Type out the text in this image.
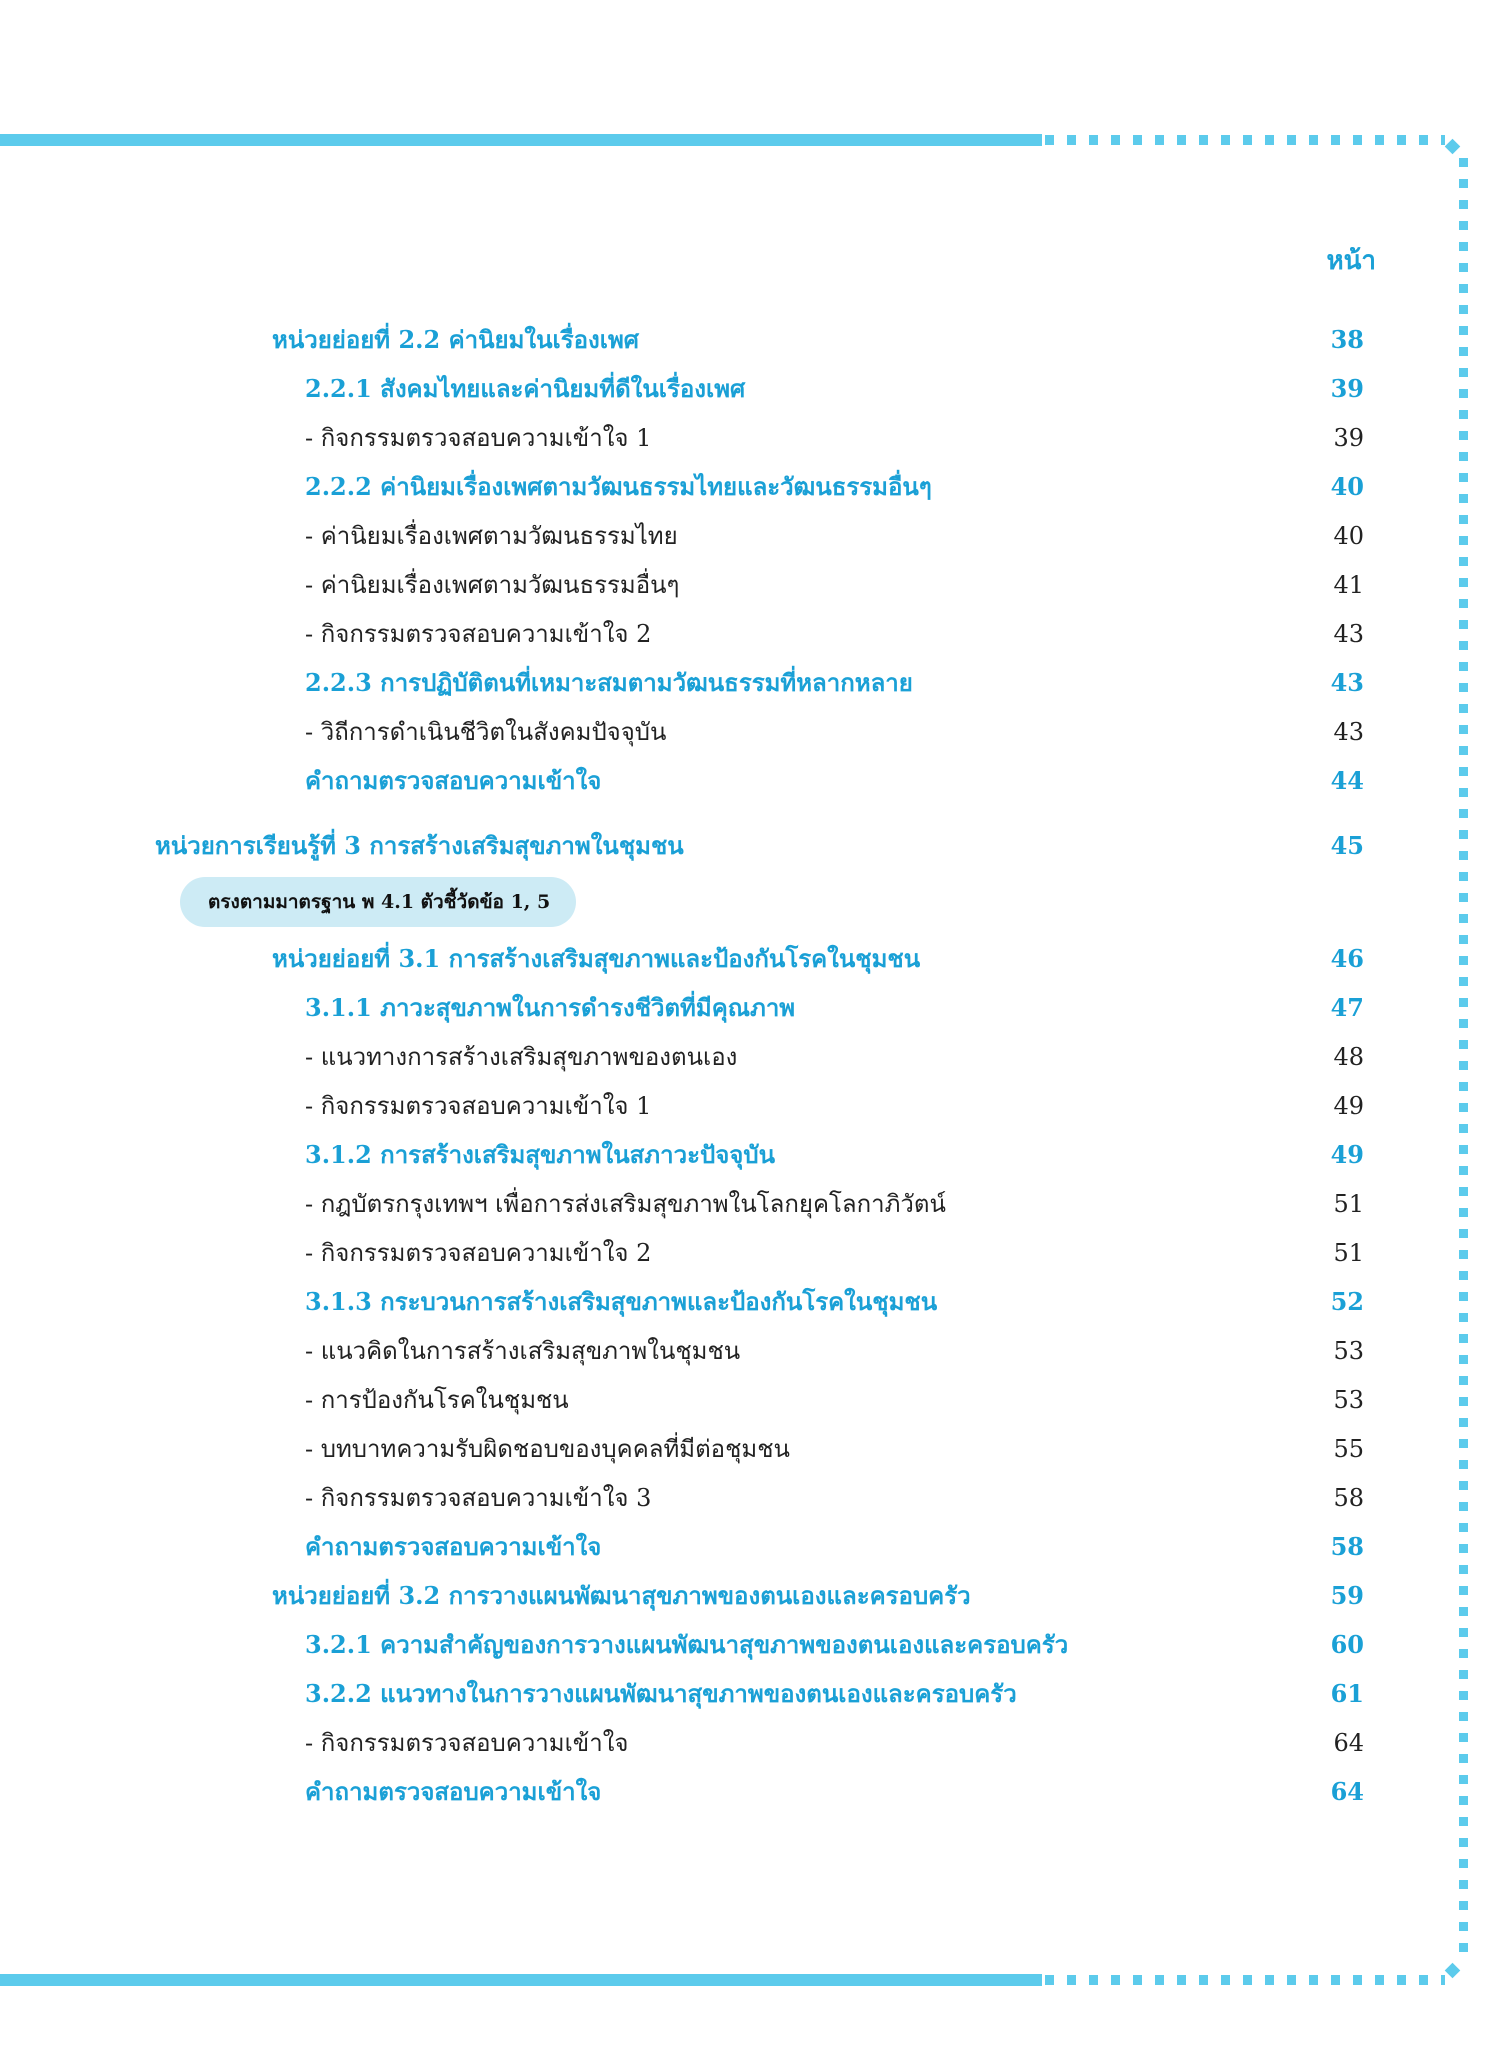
หน้า
หน่วยย่อยที่ 2.2 ค่านิยมในเรื่องเพศ	38
2.2.1 สังคมไทยและค่านิยมที่ดีในเรื่องเพศ	39
- กิจกรรมตรวจสอบความเข้าใจ 1	39
2.2.2 ค่านิยมเรื่องเพศตามวัฒนธรรมไทยและวัฒนธรรมอื่นๆ	40
- ค่านิยมเรื่องเพศตามวัฒนธรรมไทย	40
- ค่านิยมเรื่องเพศตามวัฒนธรรมอื่นๆ	41
- กิจกรรมตรวจสอบความเข้าใจ 2	43
2.2.3 การปฏิบัติตนที่เหมาะสมตามวัฒนธรรมที่หลากหลาย	43
- วิถีการดำเนินชีวิตในสังคมปัจจุบัน	43
คำถามตรวจสอบความเข้าใจ	44
หน่วยการเรียนรู้ที่ 3 การสร้างเสริมสุขภาพในชุมชน	45
ตรงตามมาตรฐาน พ 4.1 ตัวชี้วัดข้อ 1, 5
หน่วยย่อยที่ 3.1 การสร้างเสริมสุขภาพและป้องกันโรคในชุมชน	46
3.1.1 ภาวะสุขภาพในการดำรงชีวิตที่มีคุณภาพ	47
- แนวทางการสร้างเสริมสุขภาพของตนเอง	48
- กิจกรรมตรวจสอบความเข้าใจ 1	49
3.1.2 การสร้างเสริมสุขภาพในสภาวะปัจจุบัน	49
- กฎบัตรกรุงเทพฯ เพื่อการส่งเสริมสุขภาพในโลกยุคโลกาภิวัตน์	51
- กิจกรรมตรวจสอบความเข้าใจ 2	51
3.1.3 กระบวนการสร้างเสริมสุขภาพและป้องกันโรคในชุมชน	52
- แนวคิดในการสร้างเสริมสุขภาพในชุมชน	53
- การป้องกันโรคในชุมชน	53
- บทบาทความรับผิดชอบของบุคคลที่มีต่อชุมชน	55
- กิจกรรมตรวจสอบความเข้าใจ 3	58
คำถามตรวจสอบความเข้าใจ	58
หน่วยย่อยที่ 3.2 การวางแผนพัฒนาสุขภาพของตนเองและครอบครัว	59
3.2.1 ความสำคัญของการวางแผนพัฒนาสุขภาพของตนเองและครอบครัว	60
3.2.2 แนวทางในการวางแผนพัฒนาสุขภาพของตนเองและครอบครัว	61
- กิจกรรมตรวจสอบความเข้าใจ	64
คำถามตรวจสอบความเข้าใจ	64
